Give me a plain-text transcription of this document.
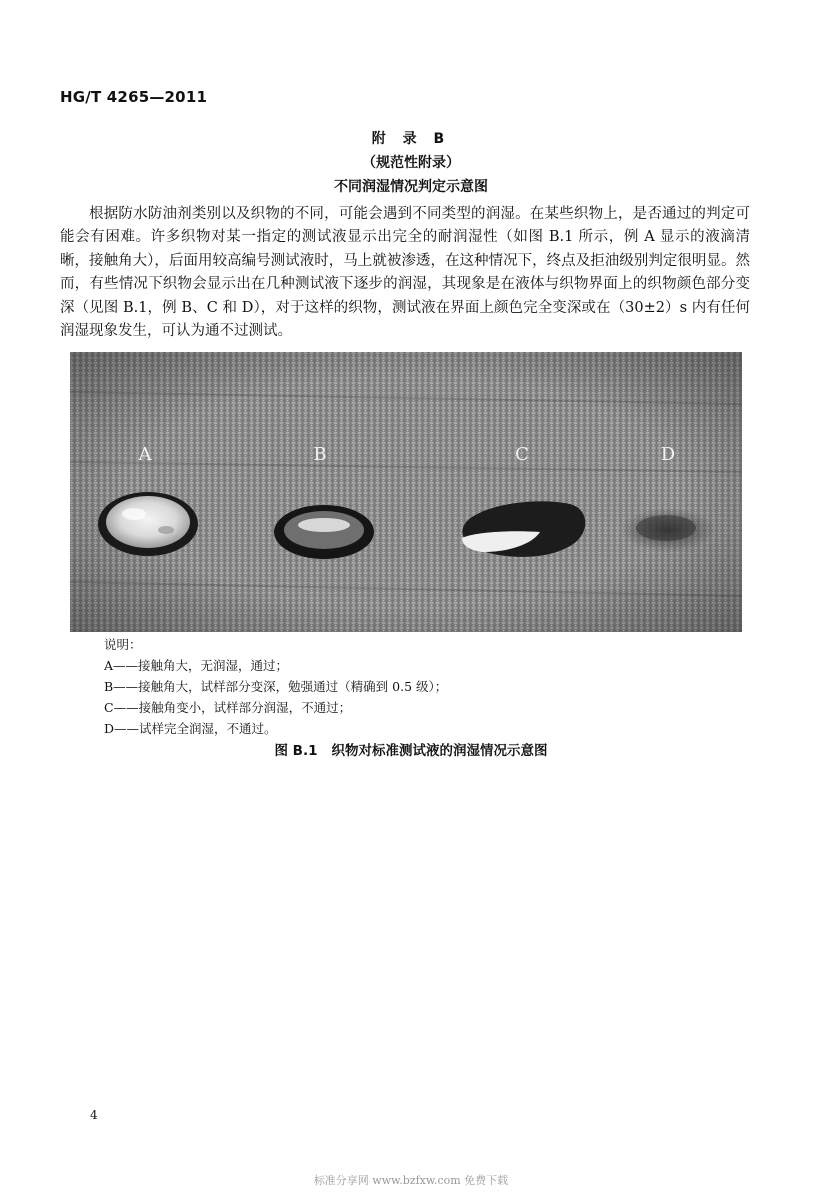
HG/T 4265—2011
附 录 B
（规范性附录）
不同润湿情况判定示意图

根据防水防油剂类别以及织物的不同，可能会遇到不同类型的润湿。在某些织物上，是否通过的判定可能会有困难。许多织物对某一指定的测试液显示出完全的耐润湿性（如图 B.1 所示，例 A 显示的液滴清晰，接触角大），后面用较高编号测试液时，马上就被渗透，在这种情况下，终点及拒油级别判定很明显。然而，有些情况下织物会显示出在几种测试液下逐步的润湿，其现象是在液体与织物界面上的织物颜色部分变深（见图 B.1，例 B、C 和 D），对于这样的织物，测试液在界面上颜色完全变深或在（30±2）s 内有任何润湿现象发生，可认为通不过测试。

A	B	C	D
说明：
A——接触角大，无润湿，通过；
B——接触角大，试样部分变深，勉强通过（精确到 0.5 级）；
C——接触角变小，试样部分润湿，不通过；
D——试样完全润湿，不通过。
图 B.1 织物对标准测试液的润湿情况示意图
4
标准分享网 www.bzfxw.com 免费下载
